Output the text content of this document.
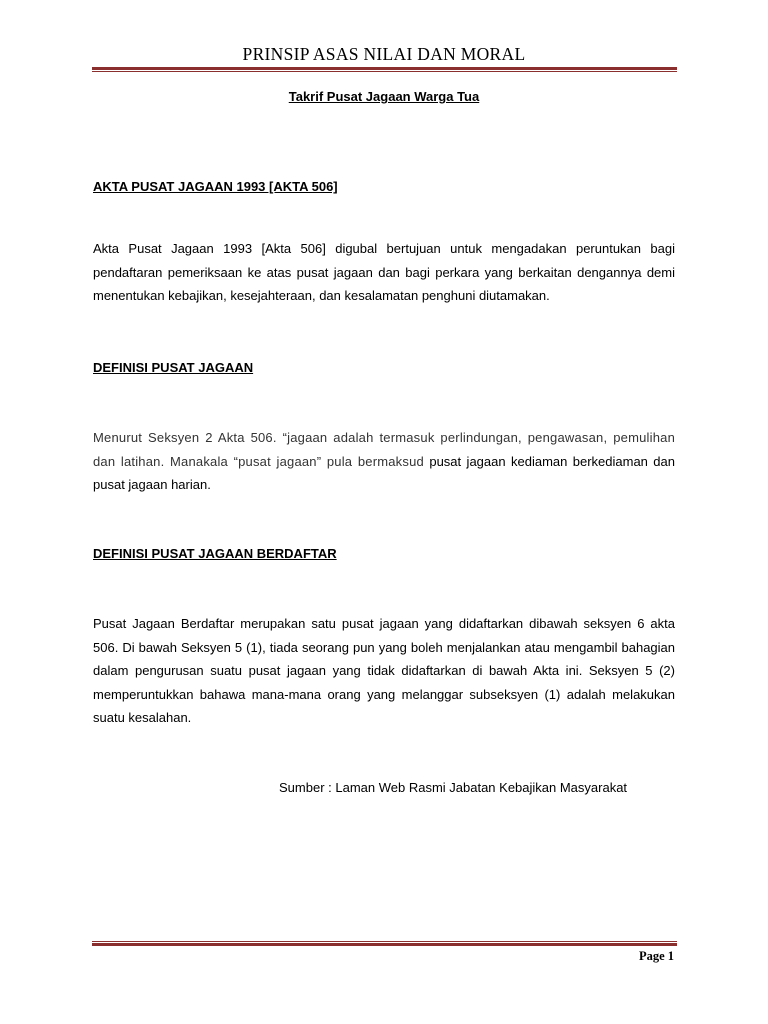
PRINSIP ASAS NILAI DAN MORAL
Takrif Pusat Jagaan Warga Tua
AKTA PUSAT JAGAAN 1993 [AKTA 506]
Akta Pusat Jagaan 1993 [Akta 506] digubal bertujuan untuk mengadakan peruntukan bagi pendaftaran pemeriksaan ke atas pusat jagaan dan bagi perkara yang berkaitan dengannya demi menentukan kebajikan, kesejahteraan, dan kesalamatan penghuni diutamakan.
DEFINISI PUSAT JAGAAN
Menurut Seksyen 2 Akta 506. “jagaan adalah termasuk perlindungan, pengawasan, pemulihan dan latihan. Manakala “pusat jagaan” pula bermaksud pusat jagaan kediaman berkediaman dan pusat jagaan harian.
DEFINISI PUSAT JAGAAN BERDAFTAR
Pusat Jagaan Berdaftar merupakan satu pusat jagaan yang didaftarkan dibawah seksyen 6 akta 506. Di bawah Seksyen 5 (1), tiada seorang pun yang boleh menjalankan atau mengambil bahagian dalam pengurusan suatu pusat jagaan yang tidak didaftarkan di bawah Akta ini. Seksyen 5 (2) memperuntukkan bahawa mana-mana orang yang melanggar subseksyen (1) adalah melakukan suatu kesalahan.
Sumber : Laman Web Rasmi Jabatan Kebajikan Masyarakat
Page 1
